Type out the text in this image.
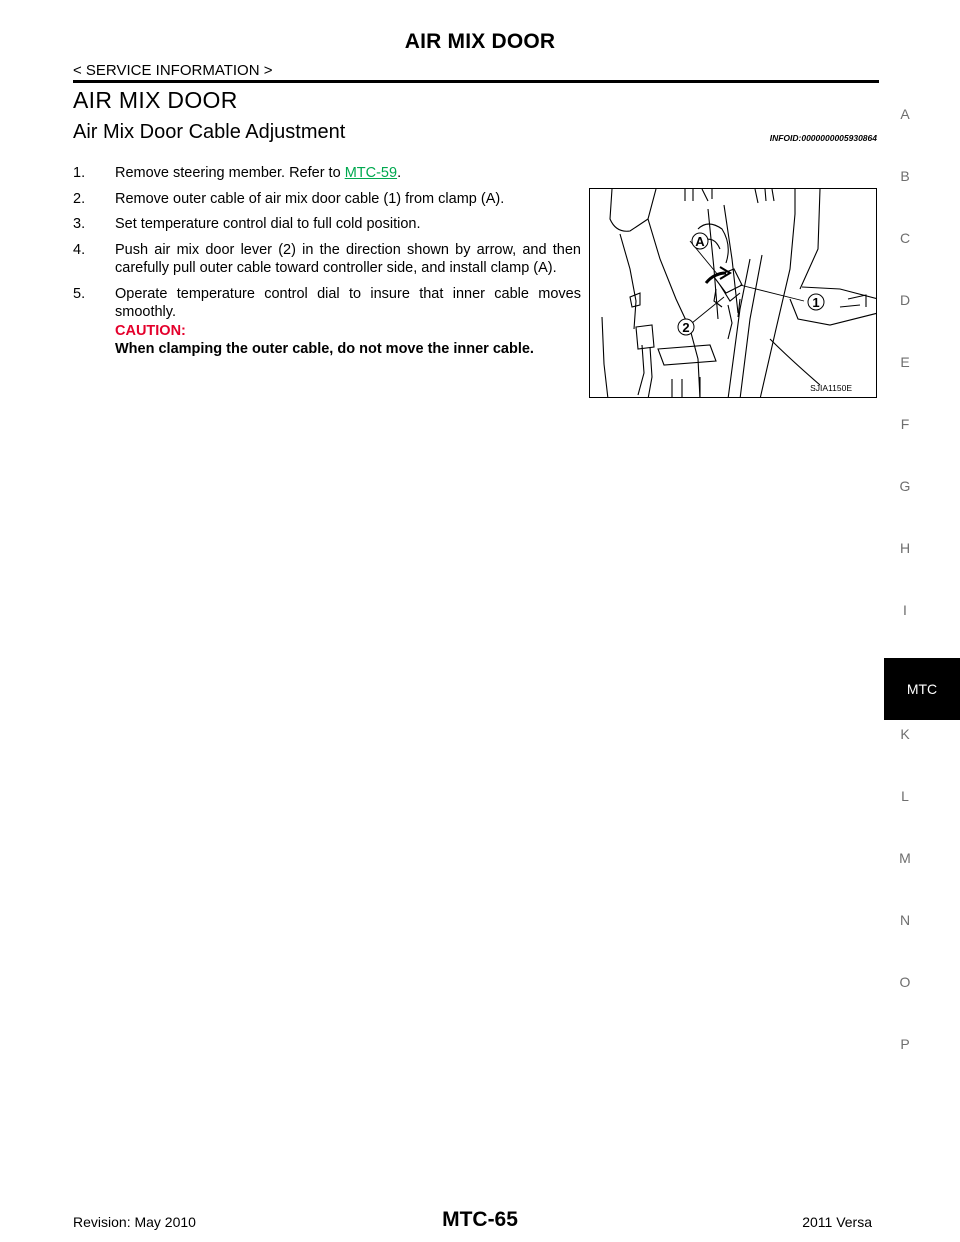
AIR MIX DOOR
< SERVICE INFORMATION >
AIR MIX DOOR
Air Mix Door Cable Adjustment	INFOID:0000000005930864
1. Remove steering member. Refer to MTC-59.
2. Remove outer cable of air mix door cable (1) from clamp (A).
3. Set temperature control dial to full cold position.
4. Push air mix door lever (2) in the direction shown by arrow, and then carefully pull outer cable toward controller side, and install clamp (A).
5. Operate temperature control dial to insure that inner cable moves smoothly.
CAUTION:
When clamping the outer cable, do not move the inner cable.
A
1
2
SJIA1150E
A
B
C
D
E
F
G
H
I
MTC
K
L
M
N
O
P
Revision: May 2010	MTC-65	2011 Versa
